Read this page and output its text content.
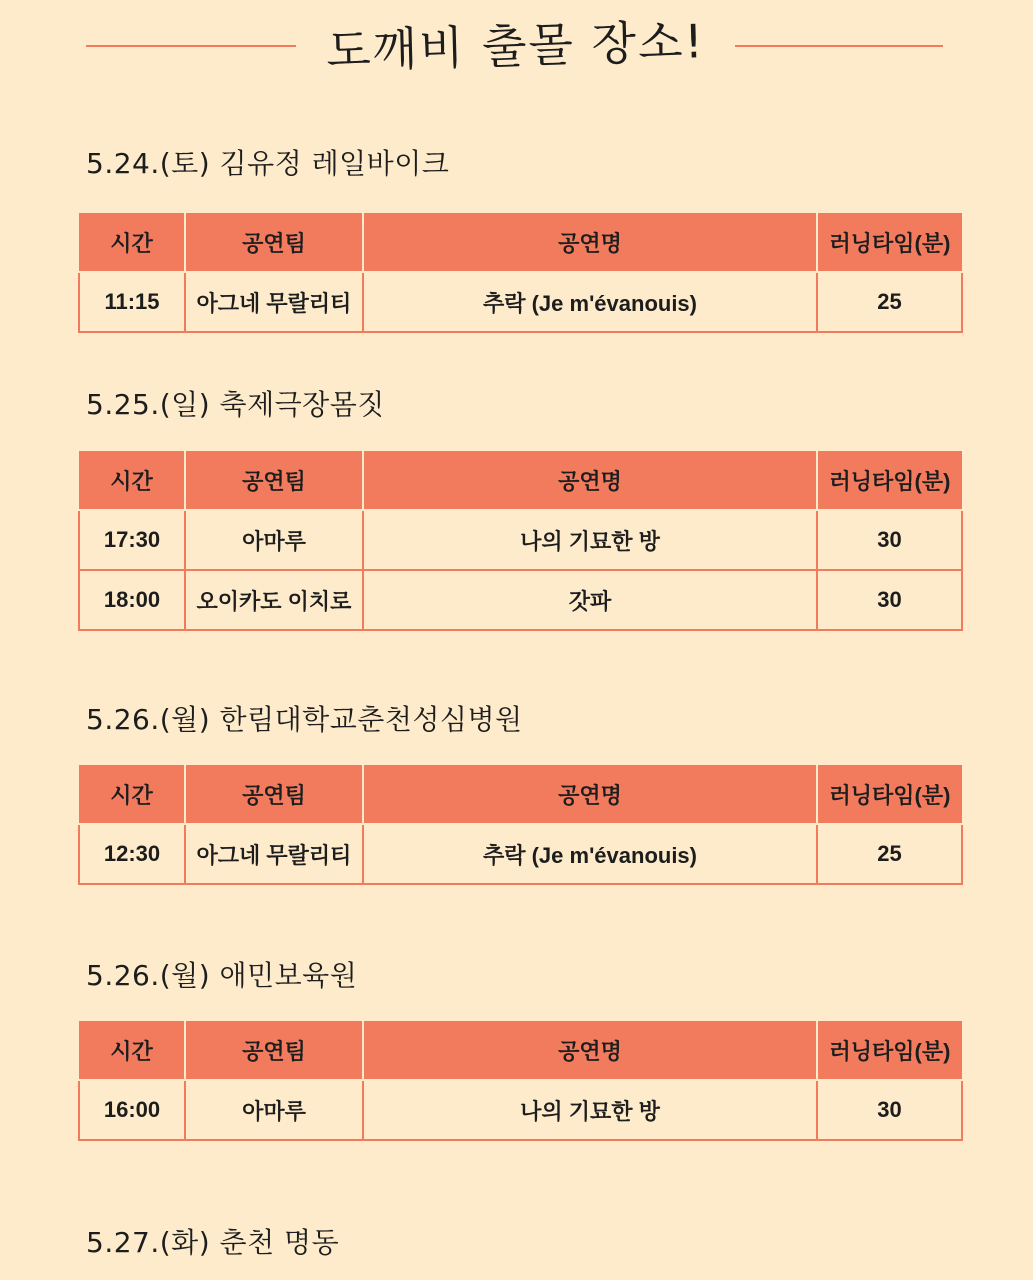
도깨비 출몰 장소!
5.24.(토) 김유정 레일바이크
시간	공연팀	공연명	러닝타임(분)
11:15	아그네 무랄리티	추락 (Je m'évanouis)	25
5.25.(일) 축제극장몸짓
시간	공연팀	공연명	러닝타임(분)
17:30	아마루	나의 기묘한 방	30
18:00	오이카도 이치로	갓파	30
5.26.(월) 한림대학교춘천성심병원
시간	공연팀	공연명	러닝타임(분)
12:30	아그네 무랄리티	추락 (Je m'évanouis)	25
5.26.(월) 애민보육원
시간	공연팀	공연명	러닝타임(분)
16:00	아마루	나의 기묘한 방	30
5.27.(화) 춘천 명동
